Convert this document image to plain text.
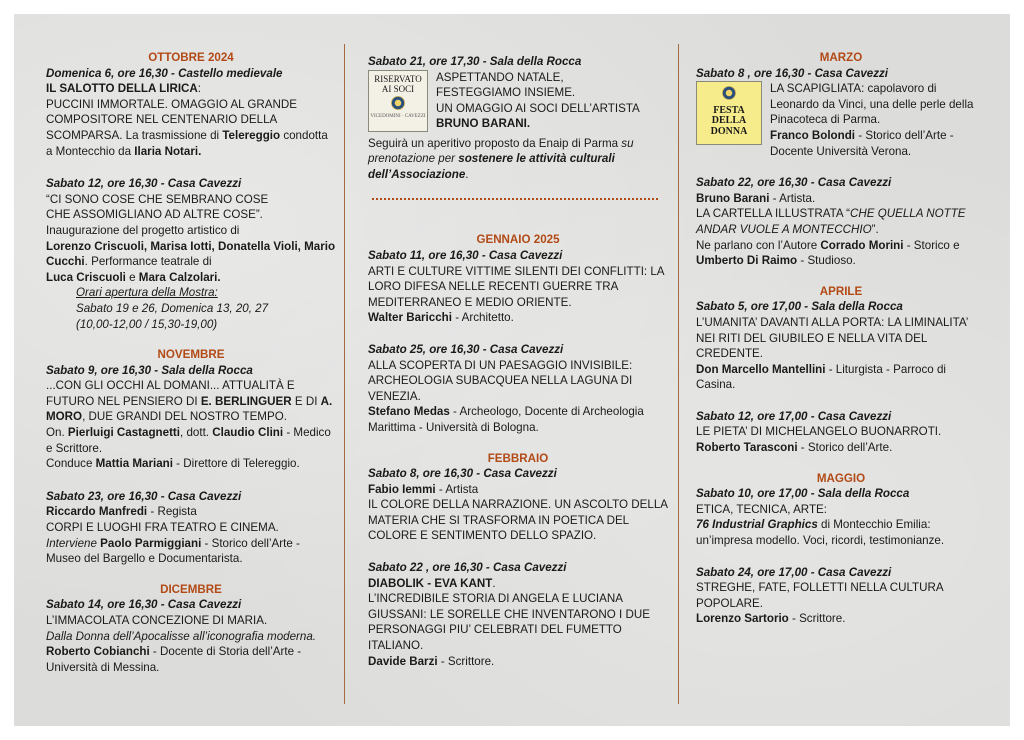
OTTOBRE 2024

Domenica 6, ore 16,30 - Castello medievale

IL SALOTTO DELLA LIRICA:

PUCCINI IMMORTALE. OMAGGIO AL GRANDE COMPOSITORE NEL CENTENARIO DELLA SCOMPARSA. La trasmissione di Telereggio condotta a Montecchio da Ilaria Notari.

Sabato 12, ore 16,30 - Casa Cavezzi

“CI SONO COSE CHE SEMBRANO COSE

CHE ASSOMIGLIANO AD ALTRE COSE”.

Inaugurazione del progetto artistico di

Lorenzo Criscuoli, Marisa Iotti, Donatella Violi, Mario Cucchi. Performance teatrale di

Luca Criscuoli e Mara Calzolari.

Orari apertura della Mostra:

Sabato 19 e 26, Domenica 13, 20, 27

(10,00-12,00 / 15,30-19,00)

NOVEMBRE

Sabato 9, ore 16,30 - Sala della Rocca

...CON GLI OCCHI AL DOMANI... ATTUALITÀ E FUTURO NEL PENSIERO DI E. BERLINGUER E DI A. MORO, DUE GRANDI DEL NOSTRO TEMPO.

On. Pierluigi Castagnetti, dott. Claudio Clini - Medico e Scrittore.

Conduce Mattia Mariani - Direttore di Telereggio.

Sabato 23, ore 16,30 - Casa Cavezzi

Riccardo Manfredi - Regista

CORPI E LUOGHI FRA TEATRO E CINEMA.

Interviene Paolo Parmiggiani - Storico dell’Arte - Museo del Bargello e Documentarista.

DICEMBRE

Sabato 14, ore 16,30 - Casa Cavezzi

L’IMMACOLATA CONCEZIONE DI MARIA.

Dalla Donna dell’Apocalisse all’iconografia moderna.

Roberto Cobianchi - Docente di Storia dell’Arte - Università di Messina.

Sabato 21, ore 17,30 - Sala della Rocca

RISERVATO
AI SOCI
VICEDOMINI · CAVEZZI

ASPETTANDO NATALE,

FESTEGGIAMO INSIEME.

UN OMAGGIO AI SOCI DELL’ARTISTA

BRUNO BARANI.

Seguirà un aperitivo proposto da Enaip di Parma su prenotazione per sostenere le attività culturali dell’Associazione.

GENNAIO 2025

Sabato 11, ore 16,30 - Casa Cavezzi

ARTI E CULTURE VITTIME SILENTI DEI CONFLITTI: LA LORO DIFESA NELLE RECENTI GUERRE TRA MEDITERRANEO E MEDIO ORIENTE.

Walter Baricchi - Architetto.

Sabato 25, ore 16,30 - Casa Cavezzi

ALLA SCOPERTA DI UN PAESAGGIO INVISIBILE: ARCHEOLOGIA SUBACQUEA NELLA LAGUNA DI VENEZIA.

Stefano Medas - Archeologo, Docente di Archeologia Marittima - Università di Bologna.

FEBBRAIO

Sabato 8, ore 16,30 - Casa Cavezzi

Fabio Iemmi - Artista

IL COLORE DELLA NARRAZIONE. UN ASCOLTO DELLA MATERIA CHE SI TRASFORMA IN POETICA DEL COLORE E SENTIMENTO DELLO SPAZIO.

Sabato 22 , ore 16,30 - Casa Cavezzi

DIABOLIK - EVA KANT.

L’INCREDIBILE STORIA DI ANGELA E LUCIANA GIUSSANI: LE SORELLE CHE INVENTARONO I DUE PERSONAGGI PIU’ CELEBRATI DEL FUMETTO ITALIANO.

Davide Barzi - Scrittore.

MARZO

Sabato 8 , ore 16,30 - Casa Cavezzi

FESTA
DELLA
DONNA

LA SCAPIGLIATA: capolavoro di Leonardo da Vinci, una delle perle della Pinacoteca di Parma.

Franco Bolondi - Storico dell’Arte - Docente Università Verona.

Sabato 22, ore 16,30 - Casa Cavezzi

Bruno Barani - Artista.

LA CARTELLA ILLUSTRATA “CHE QUELLA NOTTE ANDAR VUOLE A MONTECCHIO”.

Ne parlano con l’Autore Corrado Morini - Storico e Umberto Di Raimo - Studioso.

APRILE

Sabato 5, ore 17,00 - Sala della Rocca

L’UMANITA’ DAVANTI ALLA PORTA: LA LIMINALITA’ NEI RITI DEL GIUBILEO E NELLA VITA DEL CREDENTE.

Don Marcello Mantellini - Liturgista - Parroco di Casina.

Sabato 12, ore 17,00 - Casa Cavezzi

LE PIETA’ DI MICHELANGELO BUONARROTI.

Roberto Tarasconi - Storico dell’Arte.

MAGGIO

Sabato 10, ore 17,00 - Sala della Rocca

ETICA, TECNICA, ARTE:

76 Industrial Graphics di Montecchio Emilia: un’impresa modello. Voci, ricordi, testimonianze.

Sabato 24, ore 17,00 - Casa Cavezzi

STREGHE, FATE, FOLLETTI NELLA CULTURA POPOLARE.

Lorenzo Sartorio - Scrittore.
